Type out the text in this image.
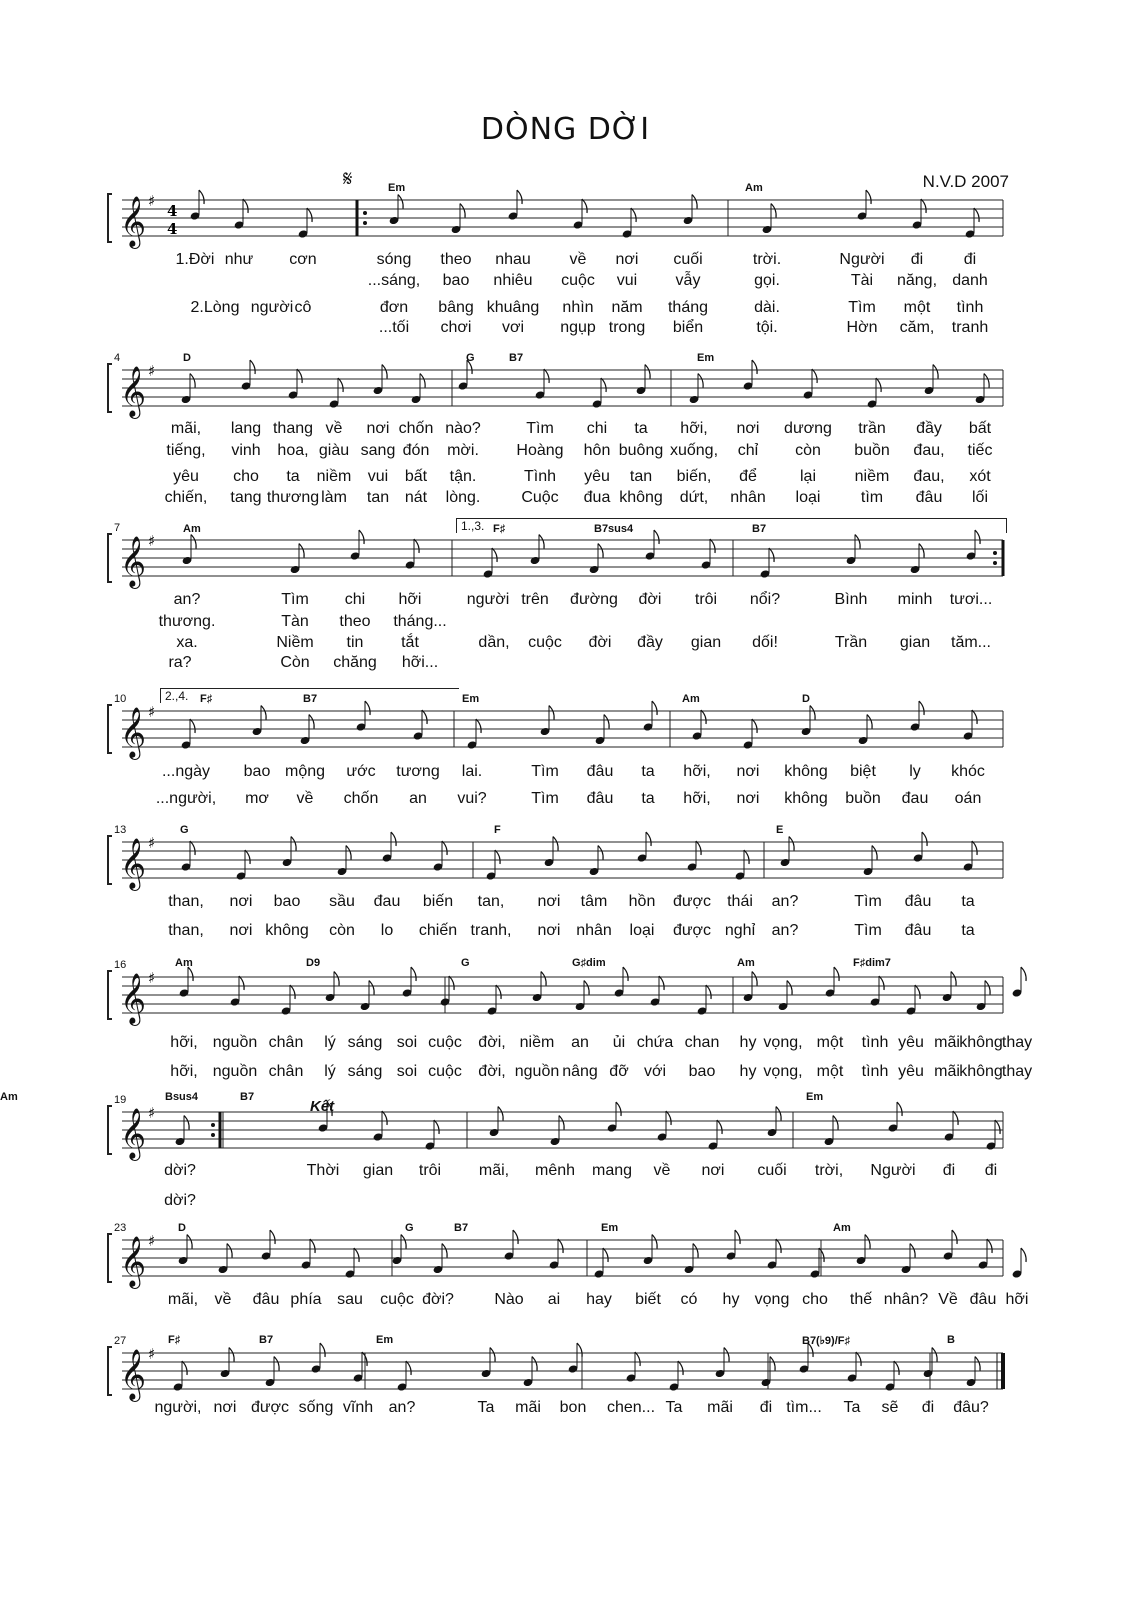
DÒNG DỜI
N.V.D 2007
𝄞 ♯
4
4
Em	Am
1.Đời như cơn	sóng theo nhau về nơi cuối	trời.	Người đi	đi
...sáng, bao nhiêu cuộc vui vẫy	gọi.	Tài năng, danh
2.Lòng người cô	đơn bâng khuâng nhìn năm tháng	dài.	Tìm một tình
...tối chơi vơi ngụp trong biển	tội.	Hờn căm, tranh
𝄞 ♯
4	D	G	B7	Em
mãi, lang thang về nơi chốn nào?	Tìm chi ta hỡi, nơi dương trần đầy bất
tiếng, vinh hoa, giàu sang đón mời. Hoàng hôn buông xuống, chỉ còn buồn đau, tiếc
yêu cho ta niềm vui bất tận.	Tình yêu tan biến, để	lại niềm đau, xót
chiến, tang thương làm tan nát lòng.	Cuộc đua không dứt, nhân loại	tìm đâu lối
𝄞 ♯
7	Am	F♯	B7sus4	B7
an?	Tìm chi hỡi	người trên đường đời trôi nổi?	Bình minh tươi...
thương.	Tàn theo tháng...
xa.	Niềm tin tắt	dần, cuộc đời đầy gian dối!	Trần gian tăm...
ra?	Còn chăng hỡi...
𝄞 ♯
10	F♯	B7	Em	Am	D
...ngày bao mộng ước tương lai.	Tìm đâu ta hỡi, nơi không biệt ly khóc
...người, mơ về chốn an vui?	Tìm đâu ta hỡi, nơi không buồn đau oán
𝄞 ♯
13	G	F	E
than, nơi bao sầu đau biến tan, nơi tâm hồn được thái an?	Tìm đâu ta
than, nơi không còn lo chiến tranh, nơi nhân loại được nghỉ an?	Tìm đâu ta
𝄞 ♯
16	Am	D9	G	G♯dim	Am	F♯dim7
hỡi, nguồn chân lý sáng soi cuộc đời, niềm an ủi chứa chan hy vọng, một tình yêu mãi không thay
hỡi, nguồn chân lý sáng soi cuộc đời, nguồn nâng đỡ với bao hy vọng, một tình yêu mãi không thay
𝄞 ♯
19	Bsus4	B7	Em
Am
dời?	Thời gian trôi mãi, mênh mang về nơi cuối trời, Người đi đi
dời?
𝄞 ♯
23	D	G	B7	Em	Am
mãi, về đâu phía sau cuộc đời?	Nào ai hay biết có hy vọng cho thế nhân? Về đâu hỡi
𝄞 ♯
27	F♯	B7	Em	B7(♭9)/F♯	B
người, nơi được sống vĩnh an?	Ta mãi bon chen... Ta mãi đi tìm... Ta sẽ đi đâu?
𝄋
1.,3.
2.,4.
Kết
